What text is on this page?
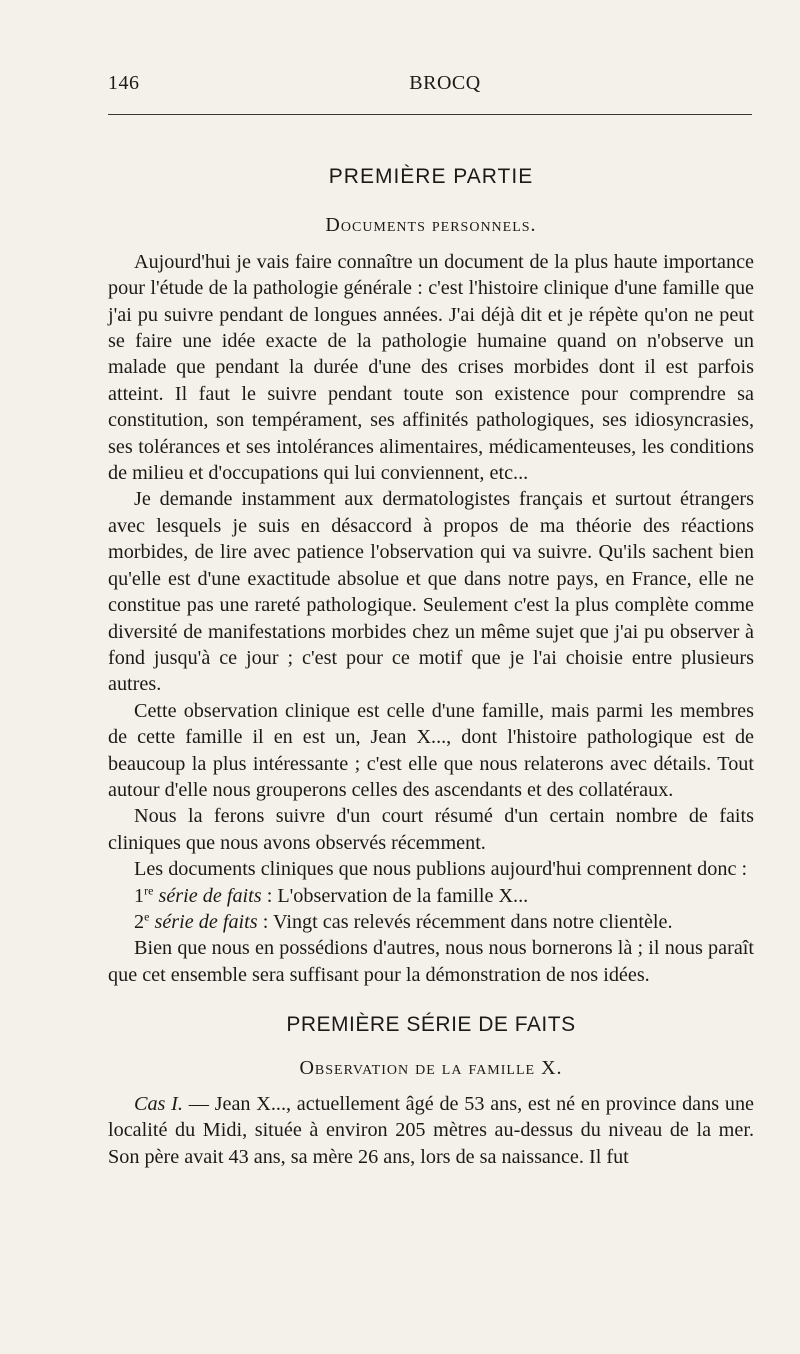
146	BROCQ
PREMIÈRE PARTIE
Documents personnels.

Aujourd'hui je vais faire connaître un document de la plus haute importance pour l'étude de la pathologie générale : c'est l'histoire clinique d'une famille que j'ai pu suivre pendant de longues années. J'ai déjà dit et je répète qu'on ne peut se faire une idée exacte de la pathologie humaine quand on n'observe un malade que pendant la durée d'une des crises morbides dont il est parfois atteint. Il faut le suivre pendant toute son existence pour comprendre sa constitution, son tempérament, ses affinités pathologiques, ses idiosyncrasies, ses tolérances et ses intolérances alimentaires, médicamenteuses, les conditions de milieu et d'occupations qui lui conviennent, etc...

Je demande instamment aux dermatologistes français et surtout étrangers avec lesquels je suis en désaccord à propos de ma théorie des réactions morbides, de lire avec patience l'observation qui va suivre. Qu'ils sachent bien qu'elle est d'une exactitude absolue et que dans notre pays, en France, elle ne constitue pas une rareté pathologique. Seulement c'est la plus complète comme diversité de manifestations morbides chez un même sujet que j'ai pu observer à fond jusqu'à ce jour ; c'est pour ce motif que je l'ai choisie entre plusieurs autres.

Cette observation clinique est celle d'une famille, mais parmi les membres de cette famille il en est un, Jean X..., dont l'histoire pathologique est de beaucoup la plus intéressante ; c'est elle que nous relaterons avec détails. Tout autour d'elle nous grouperons celles des ascendants et des collatéraux.

Nous la ferons suivre d'un court résumé d'un certain nombre de faits cliniques que nous avons observés récemment.

Les documents cliniques que nous publions aujourd'hui comprennent donc :

1re série de faits : L'observation de la famille X...

2e série de faits : Vingt cas relevés récemment dans notre clientèle.

Bien que nous en possédions d'autres, nous nous bornerons là ; il nous paraît que cet ensemble sera suffisant pour la démonstration de nos idées.

PREMIÈRE SÉRIE DE FAITS
Observation de la famille X.

Cas I. — Jean X..., actuellement âgé de 53 ans, est né en province dans une localité du Midi, située à environ 205 mètres au-dessus du niveau de la mer. Son père avait 43 ans, sa mère 26 ans, lors de sa naissance. Il fut
